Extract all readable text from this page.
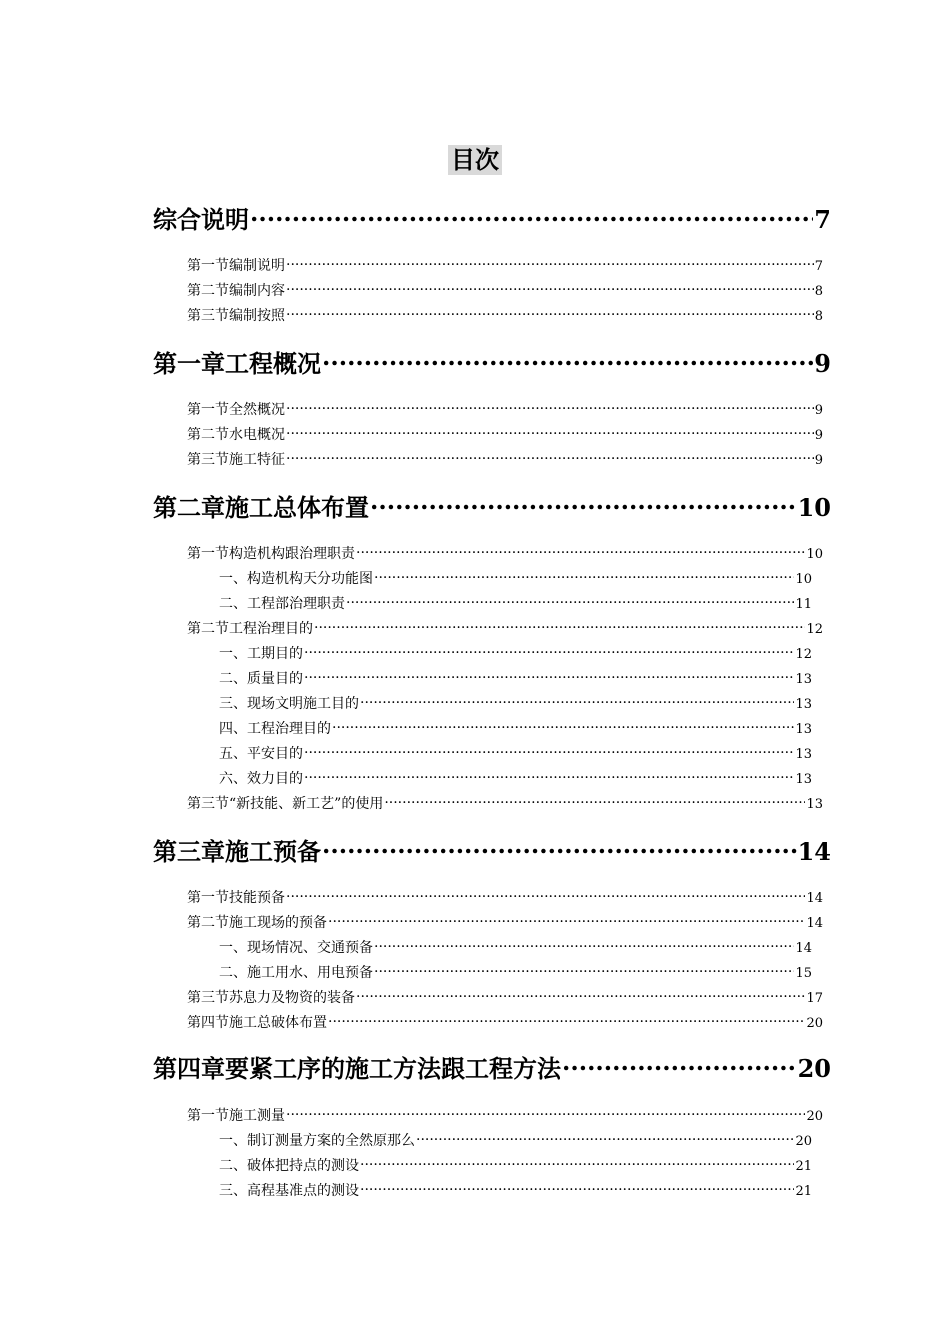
目次
综合说明 .....	7
第一节编制说明 .....	7
第二节编制内容 .....	8
第三节编制按照 .....	8
第一章工程概况 .....	9
第一节全然概况 .....	9
第二节水电概况 .....	9
第三节施工特征 .....	9
第二章施工总体布置 .....	10
第一节构造机构跟治理职责 .....	10
一、构造机构天分功能图 .....	10
二、工程部治理职责 .....	11
第二节工程治理目的 .....	12
一、工期目的 .....	12
二、质量目的 .....	13
三、现场文明施工目的 .....	13
四、工程治理目的 .....	13
五、平安目的 .....	13
六、效力目的 .....	13
第三节“新技能、新工艺”的使用 .....	13
第三章施工预备 .....	14
第一节技能预备 .....	14
第二节施工现场的预备 .....	14
一、现场情况、交通预备 .....	14
二、施工用水、用电预备 .....	15
第三节苏息力及物资的装备 .....	17
第四节施工总破体布置 .....	20
第四章要紧工序的施工方法跟工程方法 .....	20
第一节施工测量 .....	20
一、制订测量方案的全然原那么 .....	20
二、破体把持点的测设 .....	21
三、高程基准点的测设 .....	21
